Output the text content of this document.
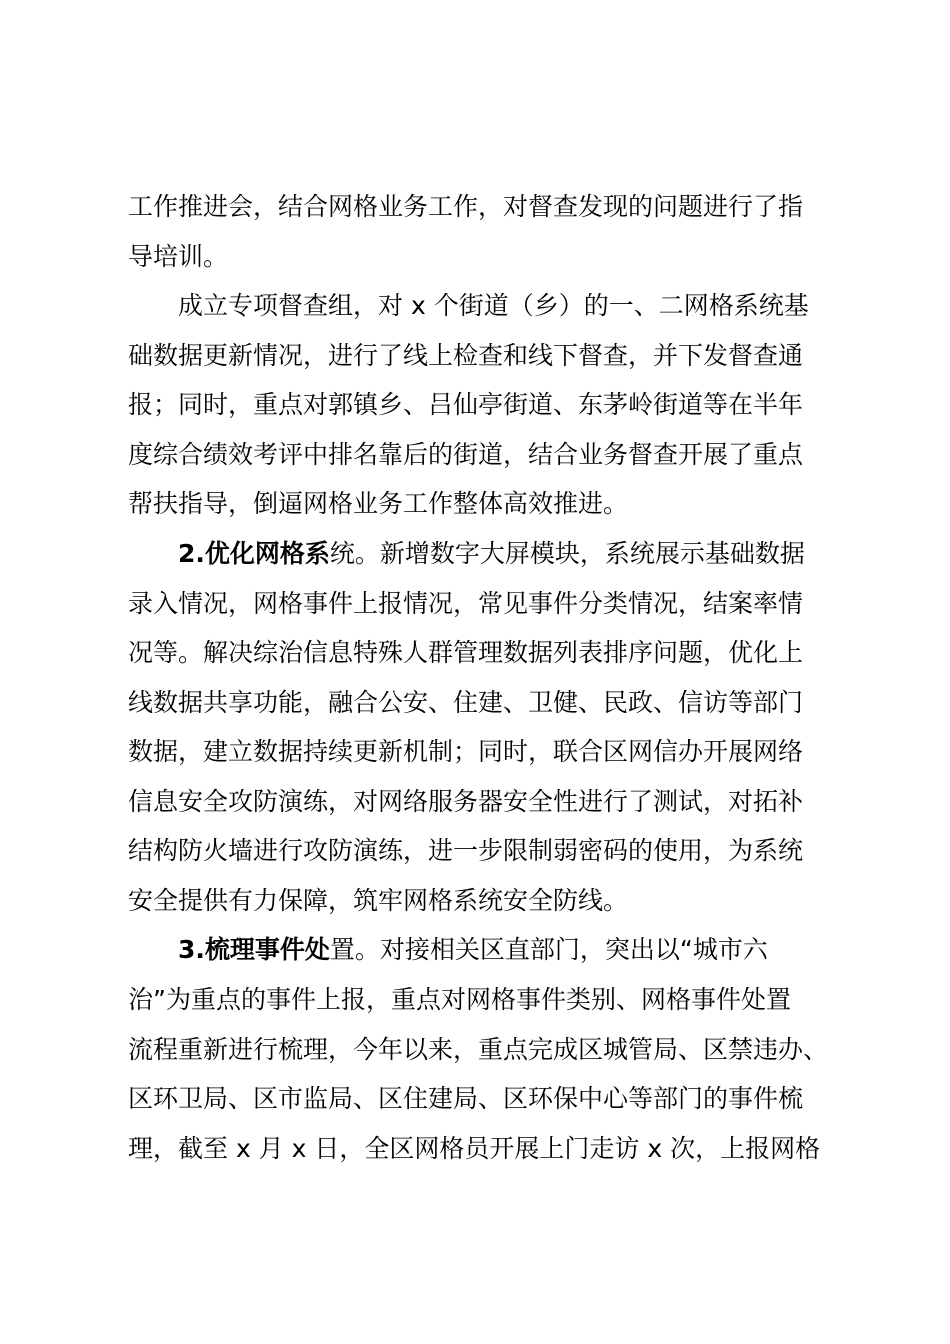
工作推进会，结合网格业务工作，对督查发现的问题进行了指
导培训。
成立专项督查组，对 x 个街道（乡）的一、二网格系统基
础数据更新情况，进行了线上检查和线下督查，并下发督查通
报；同时，重点对郭镇乡、吕仙亭街道、东茅岭街道等在半年
度综合绩效考评中排名靠后的街道，结合业务督查开展了重点
帮扶指导，倒逼网格业务工作整体高效推进。
2.优化网格系统。新增数字大屏模块，系统展示基础数据
录入情况，网格事件上报情况，常见事件分类情况，结案率情
况等。解决综治信息特殊人群管理数据列表排序问题，优化上
线数据共享功能，融合公安、住建、卫健、民政、信访等部门
数据，建立数据持续更新机制；同时，联合区网信办开展网络
信息安全攻防演练，对网络服务器安全性进行了测试，对拓补
结构防火墙进行攻防演练，进一步限制弱密码的使用，为系统
安全提供有力保障，筑牢网格系统安全防线。
3.梳理事件处置。对接相关区直部门，突出以“城市六
治”为重点的事件上报，重点对网格事件类别、网格事件处置
流程重新进行梳理，今年以来，重点完成区城管局、区禁违办、
区环卫局、区市监局、区住建局、区环保中心等部门的事件梳
理，截至 x 月 x 日，全区网格员开展上门走访 x 次，上报网格
